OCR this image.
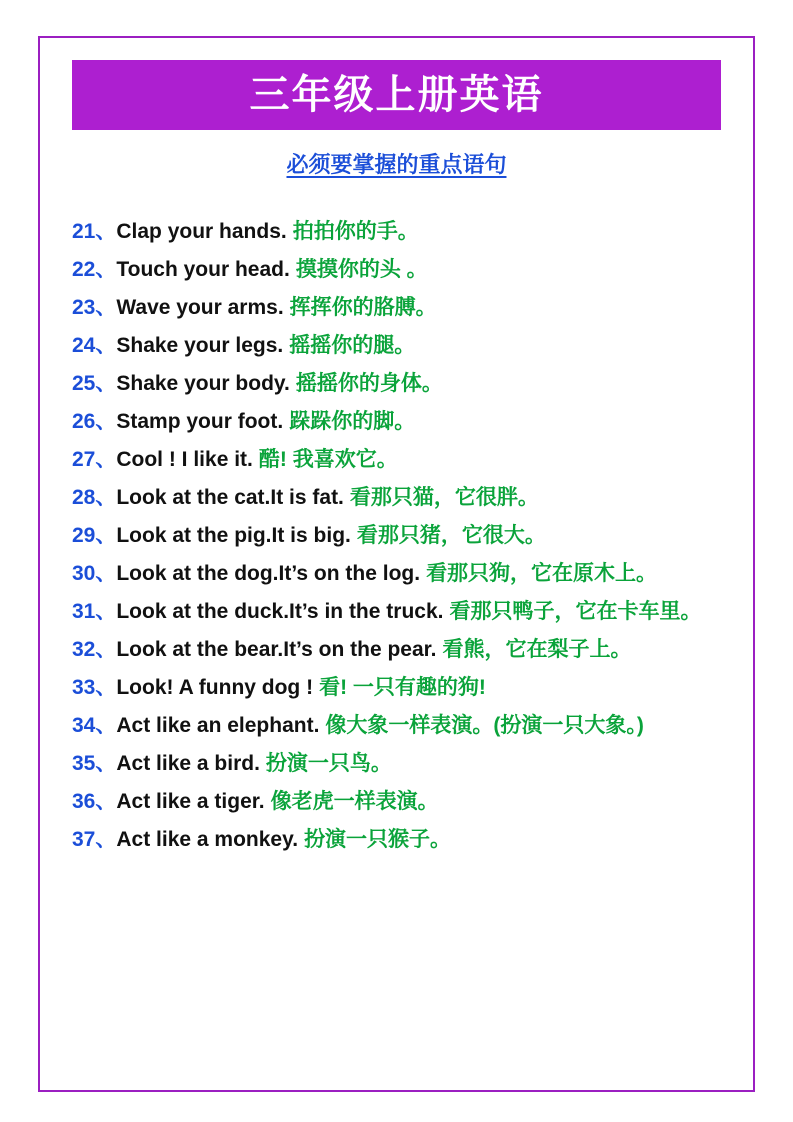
三年级上册英语
必须要掌握的重点语句
21、Clap your hands. 拍拍你的手。
22、Touch your head. 摸摸你的头 。
23、Wave your arms. 挥挥你的胳膊。
24、Shake your legs. 摇摇你的腿。
25、Shake your body. 摇摇你的身体。
26、Stamp your foot. 跺跺你的脚。
27、Cool ! I like it. 酷! 我喜欢它。
28、Look at the cat.It is fat. 看那只猫，它很胖。
29、Look at the pig.It is big. 看那只猪，它很大。
30、Look at the dog.It’s on the log. 看那只狗，它在原木上。
31、Look at the duck.It’s in the truck. 看那只鸭子，它在卡车里。
32、Look at the bear.It’s on the pear. 看熊，它在梨子上。
33、Look! A funny dog ! 看! 一只有趣的狗!
34、Act like an elephant. 像大象一样表演。(扮演一只大象。)
35、Act like a bird. 扮演一只鸟。
36、Act like a tiger. 像老虎一样表演。
37、Act like a monkey. 扮演一只猴子。
